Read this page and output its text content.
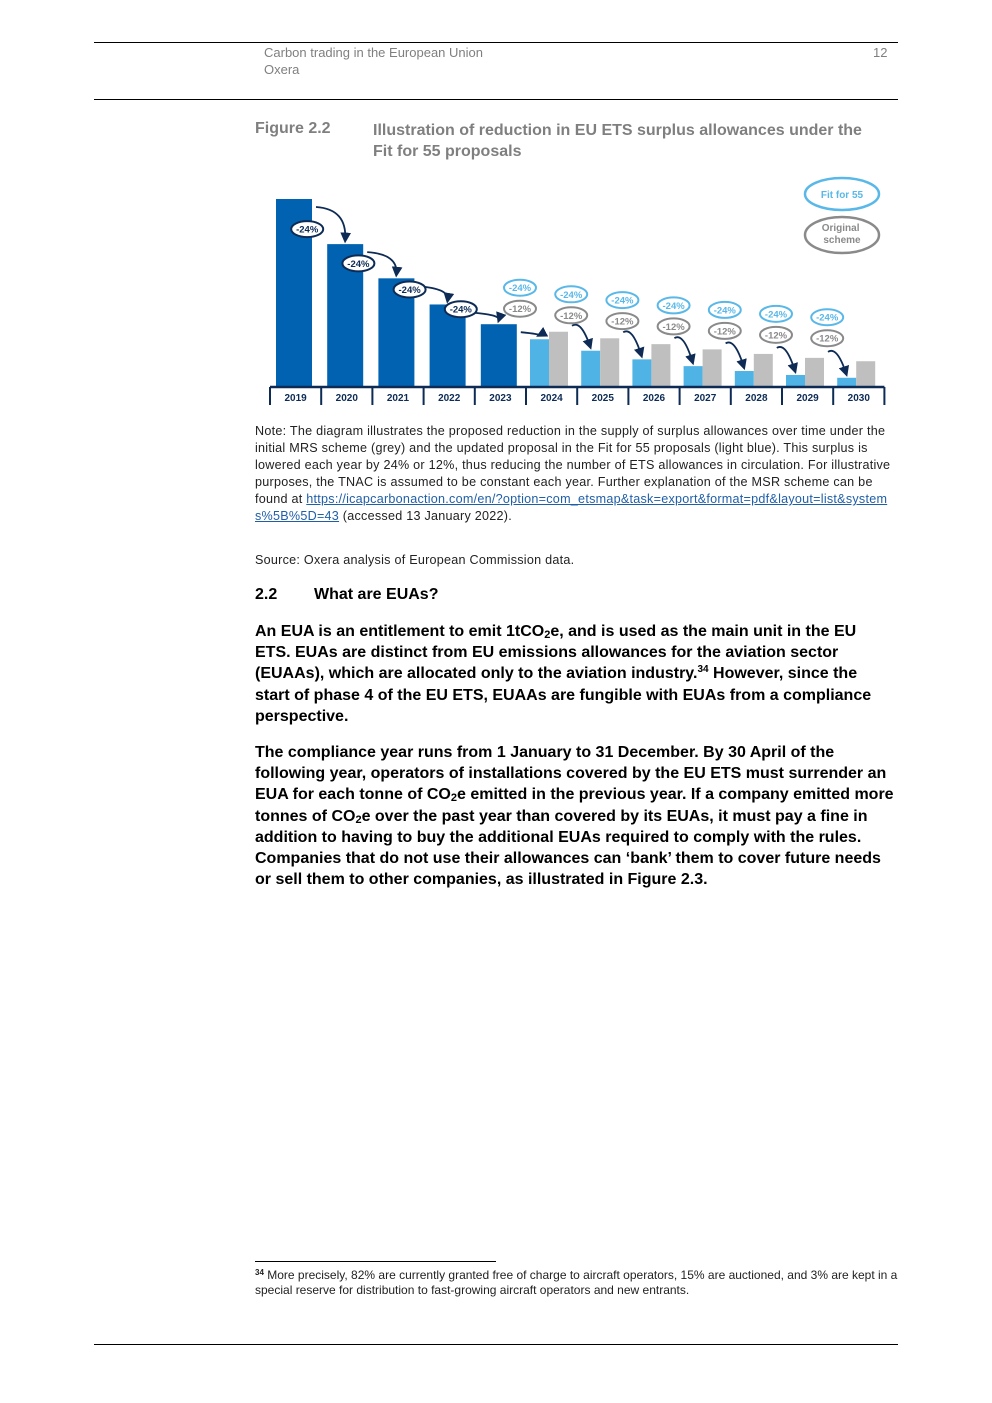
Carbon trading in the European Union
Oxera
12
Figure 2.2	Illustration of reduction in EU ETS surplus allowances under the Fit for 55 proposals
-24%
-24%
-24%
-24%
-24%
-12%
-24%
-12%
-24%
-12%
-24%
-12%
-24%
-12%
-24%
-12%
-24%
-12%
2019	2020	2021	2022	2023	2024	2025	2026	2027	2028	2029	2030
Fit for 55
Original scheme
Note: The diagram illustrates the proposed reduction in the supply of surplus allowances over time under the initial MRS scheme (grey) and the updated proposal in the Fit for 55 proposals (light blue). This surplus is lowered each year by 24% or 12%, thus reducing the number of ETS allowances in circulation. For illustrative purposes, the TNAC is assumed to be constant each year. Further explanation of the MSR scheme can be found at https://icapcarbonaction.com/en/?option=com_etsmap&task=export&format=pdf&layout=list&systems%5B%5D=43 (accessed 13 January 2022).
Source: Oxera analysis of European Commission data.
2.2 What are EUAs?
An EUA is an entitlement to emit 1tCO$_2$e, and is used as the main unit in the EU ETS. EUAs are distinct from EU emissions allowances for the aviation sector (EUAAs), which are allocated only to the aviation industry.$^{34}$ However, since the start of phase 4 of the EU ETS, EUAAs are fungible with EUAs from a compliance perspective.
The compliance year runs from 1 January to 31 December. By 30 April of the following year, operators of installations covered by the EU ETS must surrender an EUA for each tonne of $CO_2e$ emitted in the previous year. If a company emitted more tonnes of $CO_2e$ over the past year than covered by its EUAs, it must pay a fine in addition to having to buy the additional EUAs required to comply with the rules. Companies that do not use their allowances can ‘bank’ them to cover future needs or sell them to other companies, as illustrated in Figure 2.3.
$^{34}$ More precisely, 82% are currently granted free of charge to aircraft operators, 15% are auctioned, and 3% are kept in a special reserve for distribution to fast-growing aircraft operators and new entrants.
